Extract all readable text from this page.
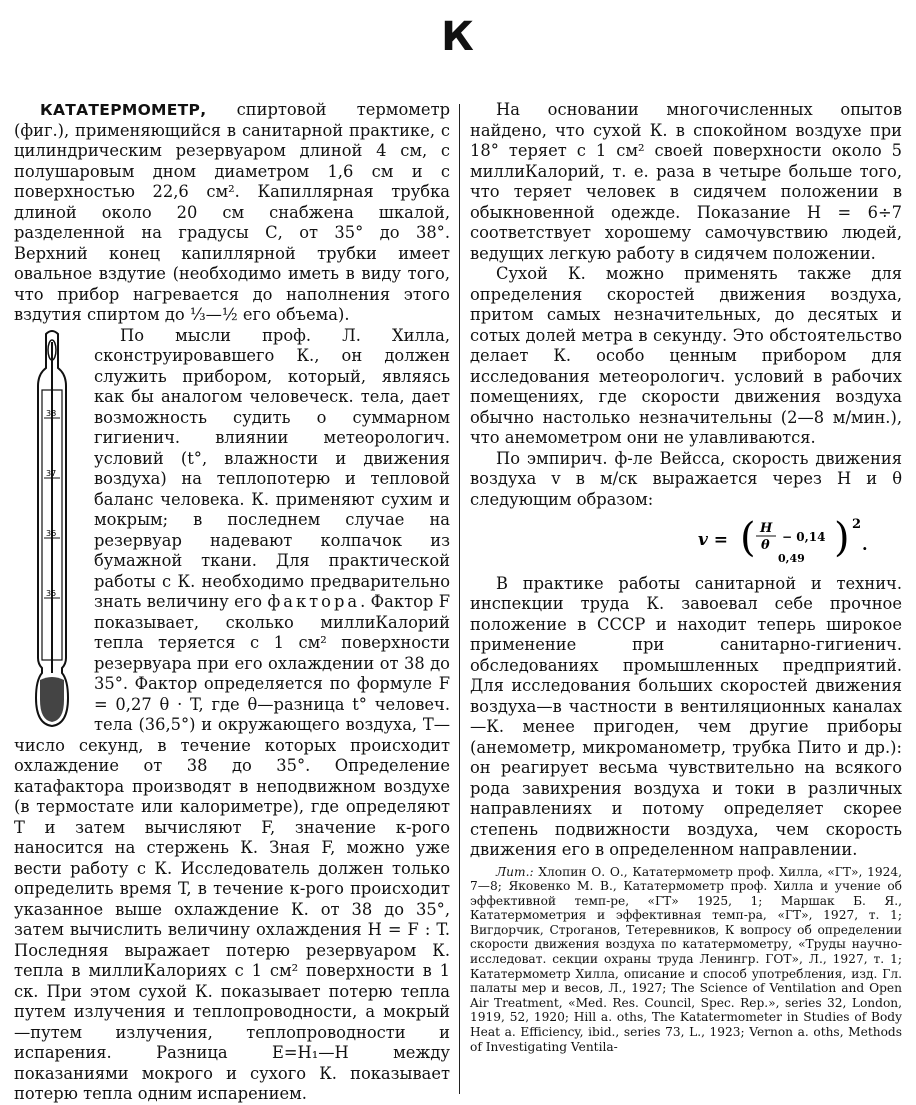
К

КАТАТЕРМОМЕТР, спиртовой термометр (фиг.), применяющийся в санитарной практике, с цилиндрическим резервуаром длиной 4 см, с полушаровым дном диаметром 1,6 см и с поверхностью 22,6 см². Капиллярная трубка длиной около 20 см снабжена шкалой, разделенной на градусы С, от 35° до 38°. Верхний конец капиллярной трубки имеет овальное вздутие (необходимо иметь в виду того, что прибор нагревается до наполнения этого вздутия спиртом до ⅓—½ его объема).

38
37
36
35

По мысли проф. Л. Хилла, сконструировавшего К., он должен служить прибором, который, являясь как бы аналогом человеческ. тела, дает возможность судить о суммарном гигиенич. влиянии метеорологич. условий (t°, влажности и движения воздуха) на теплопотерю и тепловой баланс человека. К. применяют сухим и мокрым; в последнем случае на резервуар надевают колпачок из бумажной ткани. Для практической работы с К. необходимо предварительно знать величину его фактора. Фактор F показывает, сколько миллиКалорий тепла теряется с 1 см² поверхности резервуара при его охлаждении от 38 до 35°. Фактор определяется по формуле F = 0,27 θ · T, где θ—разница t° человеч. тела (36,5°) и окружающего воздуха, T—число секунд, в течение которых происходит охлаждение от 38 до 35°. Определение катафактора производят в неподвижном воздухе (в термостате или калориметре), где определяют T и затем вычисляют F, значение к-рого наносится на стержень К. Зная F, можно уже вести работу с К. Исследователь должен только определить время T, в течение к-рого происходит указанное выше охлаждение К. от 38 до 35°, затем вычислить величину охлаждения H = F : T. Последняя выражает потерю резервуаром К. тепла в миллиКалориях с 1 см² поверхности в 1 ск. При этом сухой К. показывает потерю тепла путем излучения и теплопроводности, а мокрый—путем излучения, теплопроводности и испарения. Разница E=H₁—H между показаниями мокрого и сухого К. показывает потерю тепла одним испарением.

На основании многочисленных опытов найдено, что сухой К. в спокойном воздухе при 18° теряет с 1 см² своей поверхности около 5 миллиКалорий, т. е. раза в четыре больше того, что теряет человек в сидячем положении в обыкновенной одежде. Показание H = 6÷7 соответствует хорошему самочувствию людей, ведущих легкую работу в сидячем положении.

Сухой К. можно применять также для определения скоростей движения воздуха, притом самых незначительных, до десятых и сотых долей метра в секунду. Это обстоятельство делает К. особо ценным прибором для исследования метеорологич. условий в рабочих помещениях, где скорости движения воздуха обычно настолько незначительны (2—8 м/мин.), что анемометром они не улавливаются.

По эмпирич. ф-ле Вейсса, скорость движения воздуха v в м/ск выражается через H и θ следующим образом:

v = ( H
θ
− 0,14
0,49 ) 2
.

В практике работы санитарной и технич. инспекции труда К. завоевал себе прочное положение в СССР и находит теперь широкое применение при санитарно-гигиенич. обследованиях промышленных предприятий. Для исследования больших скоростей движения воздуха—в частности в вентиляционных каналах—К. менее пригоден, чем другие приборы (анемометр, микроманометр, трубка Пито и др.): он реагирует весьма чувствительно на всякого рода завихрения воздуха и токи в различных направлениях и потому определяет скорее степень подвижности воздуха, чем скорость движения его в определенном направлении.

Лит.: Хлопин О. О., Кататермометр проф. Хилла, «ГТ», 1924, 7—8; Яковенко М. В., Кататермометр проф. Хилла и учение об эффективной темп-ре, «ГТ» 1925, 1; Маршак Б. Я., Кататермометрия и эффективная темп-ра, «ГТ», 1927, т. 1; Вигдорчик, Строганов, Тетеревников, К вопросу об определении скорости движения воздуха по кататермометру, «Труды научно-исследоват. секции охраны труда Ленингр. ГОТ», Л., 1927, т. 1; Кататермометр Хилла, описание и способ употребления, изд. Гл. палаты мер и весов, Л., 1927; The Science of Ventilation and Open Air Treatment, «Med. Res. Council, Spec. Rep.», series 32, London, 1919, 52, 1920; Hill a. oths, The Katatermometer in Studies of Body Heat a. Efficiency, ibid., series 73, L., 1923; Vernon a. oths, Methods of Investigating Ventila-
